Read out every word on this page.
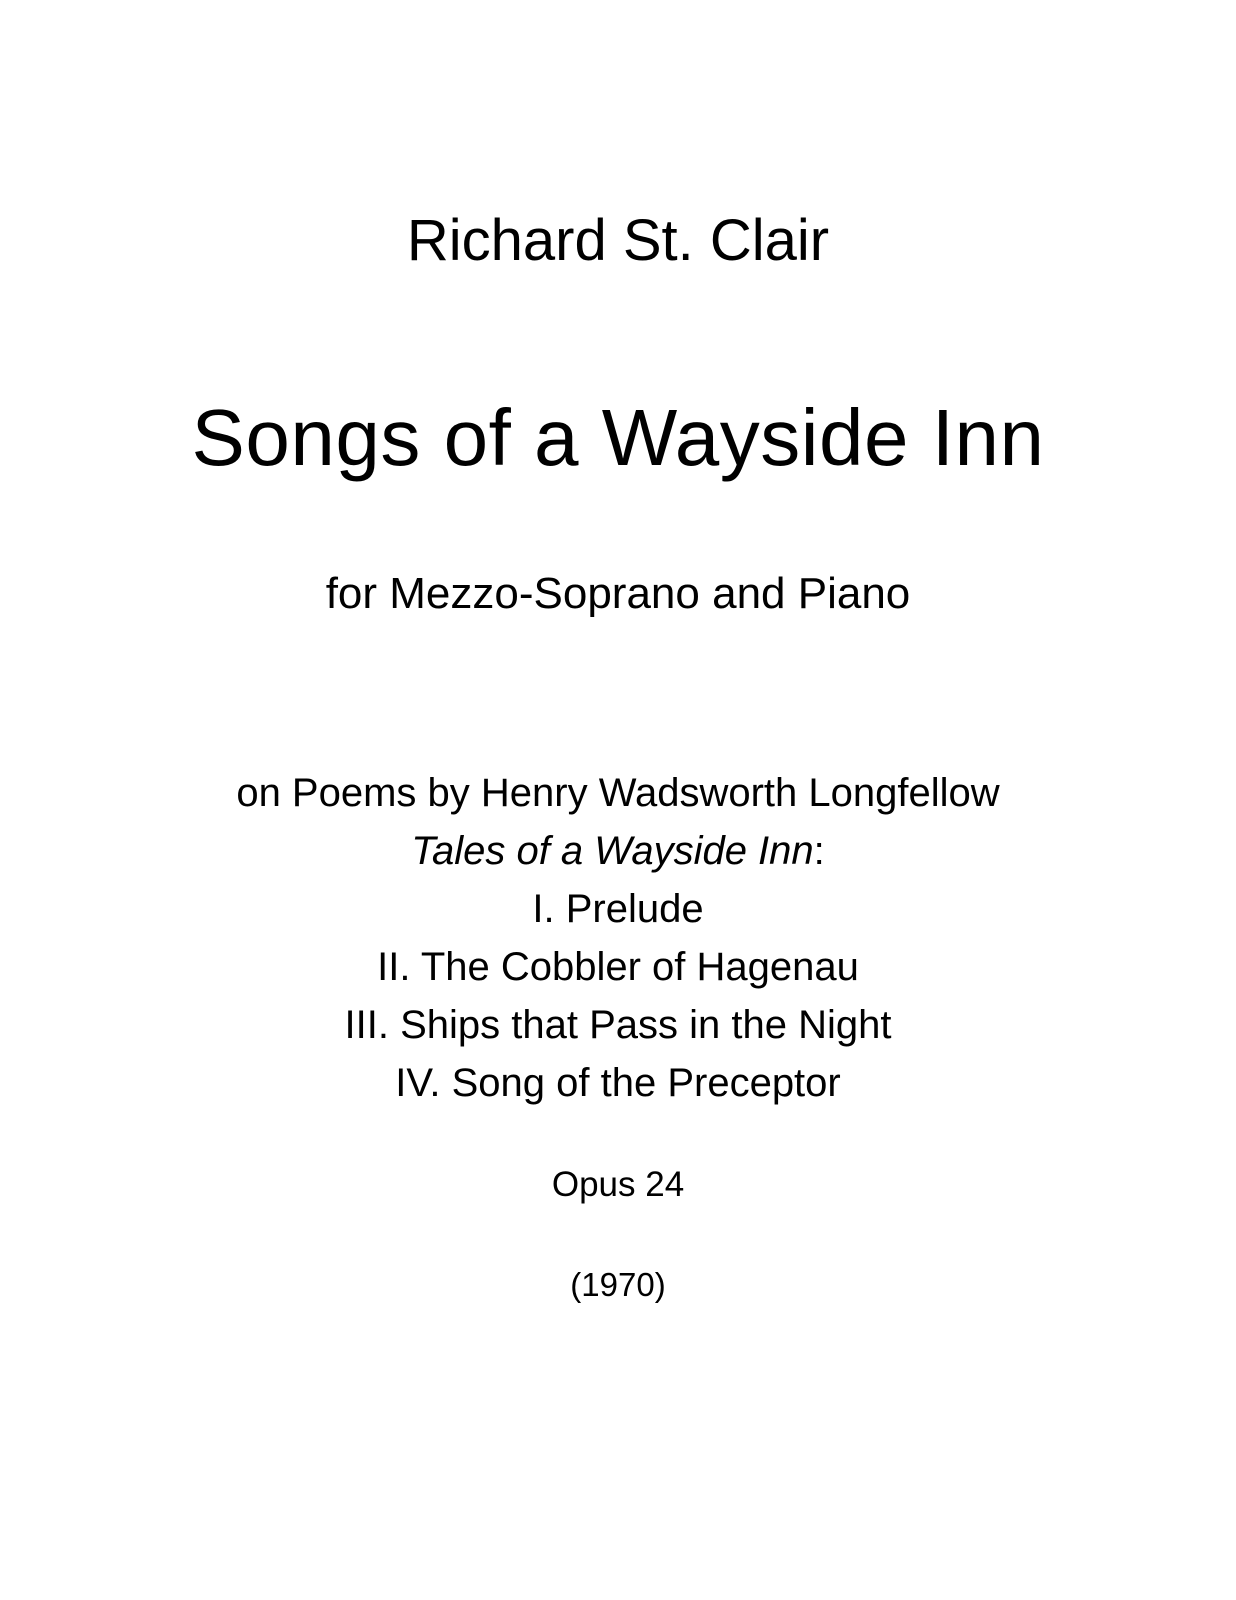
Richard St. Clair
Songs of a Wayside Inn
for Mezzo-Soprano and Piano
on Poems by Henry Wadsworth Longfellow
Tales of a Wayside Inn:
I. Prelude
II. The Cobbler of Hagenau
III. Ships that Pass in the Night
IV. Song of the Preceptor
Opus 24
(1970)
